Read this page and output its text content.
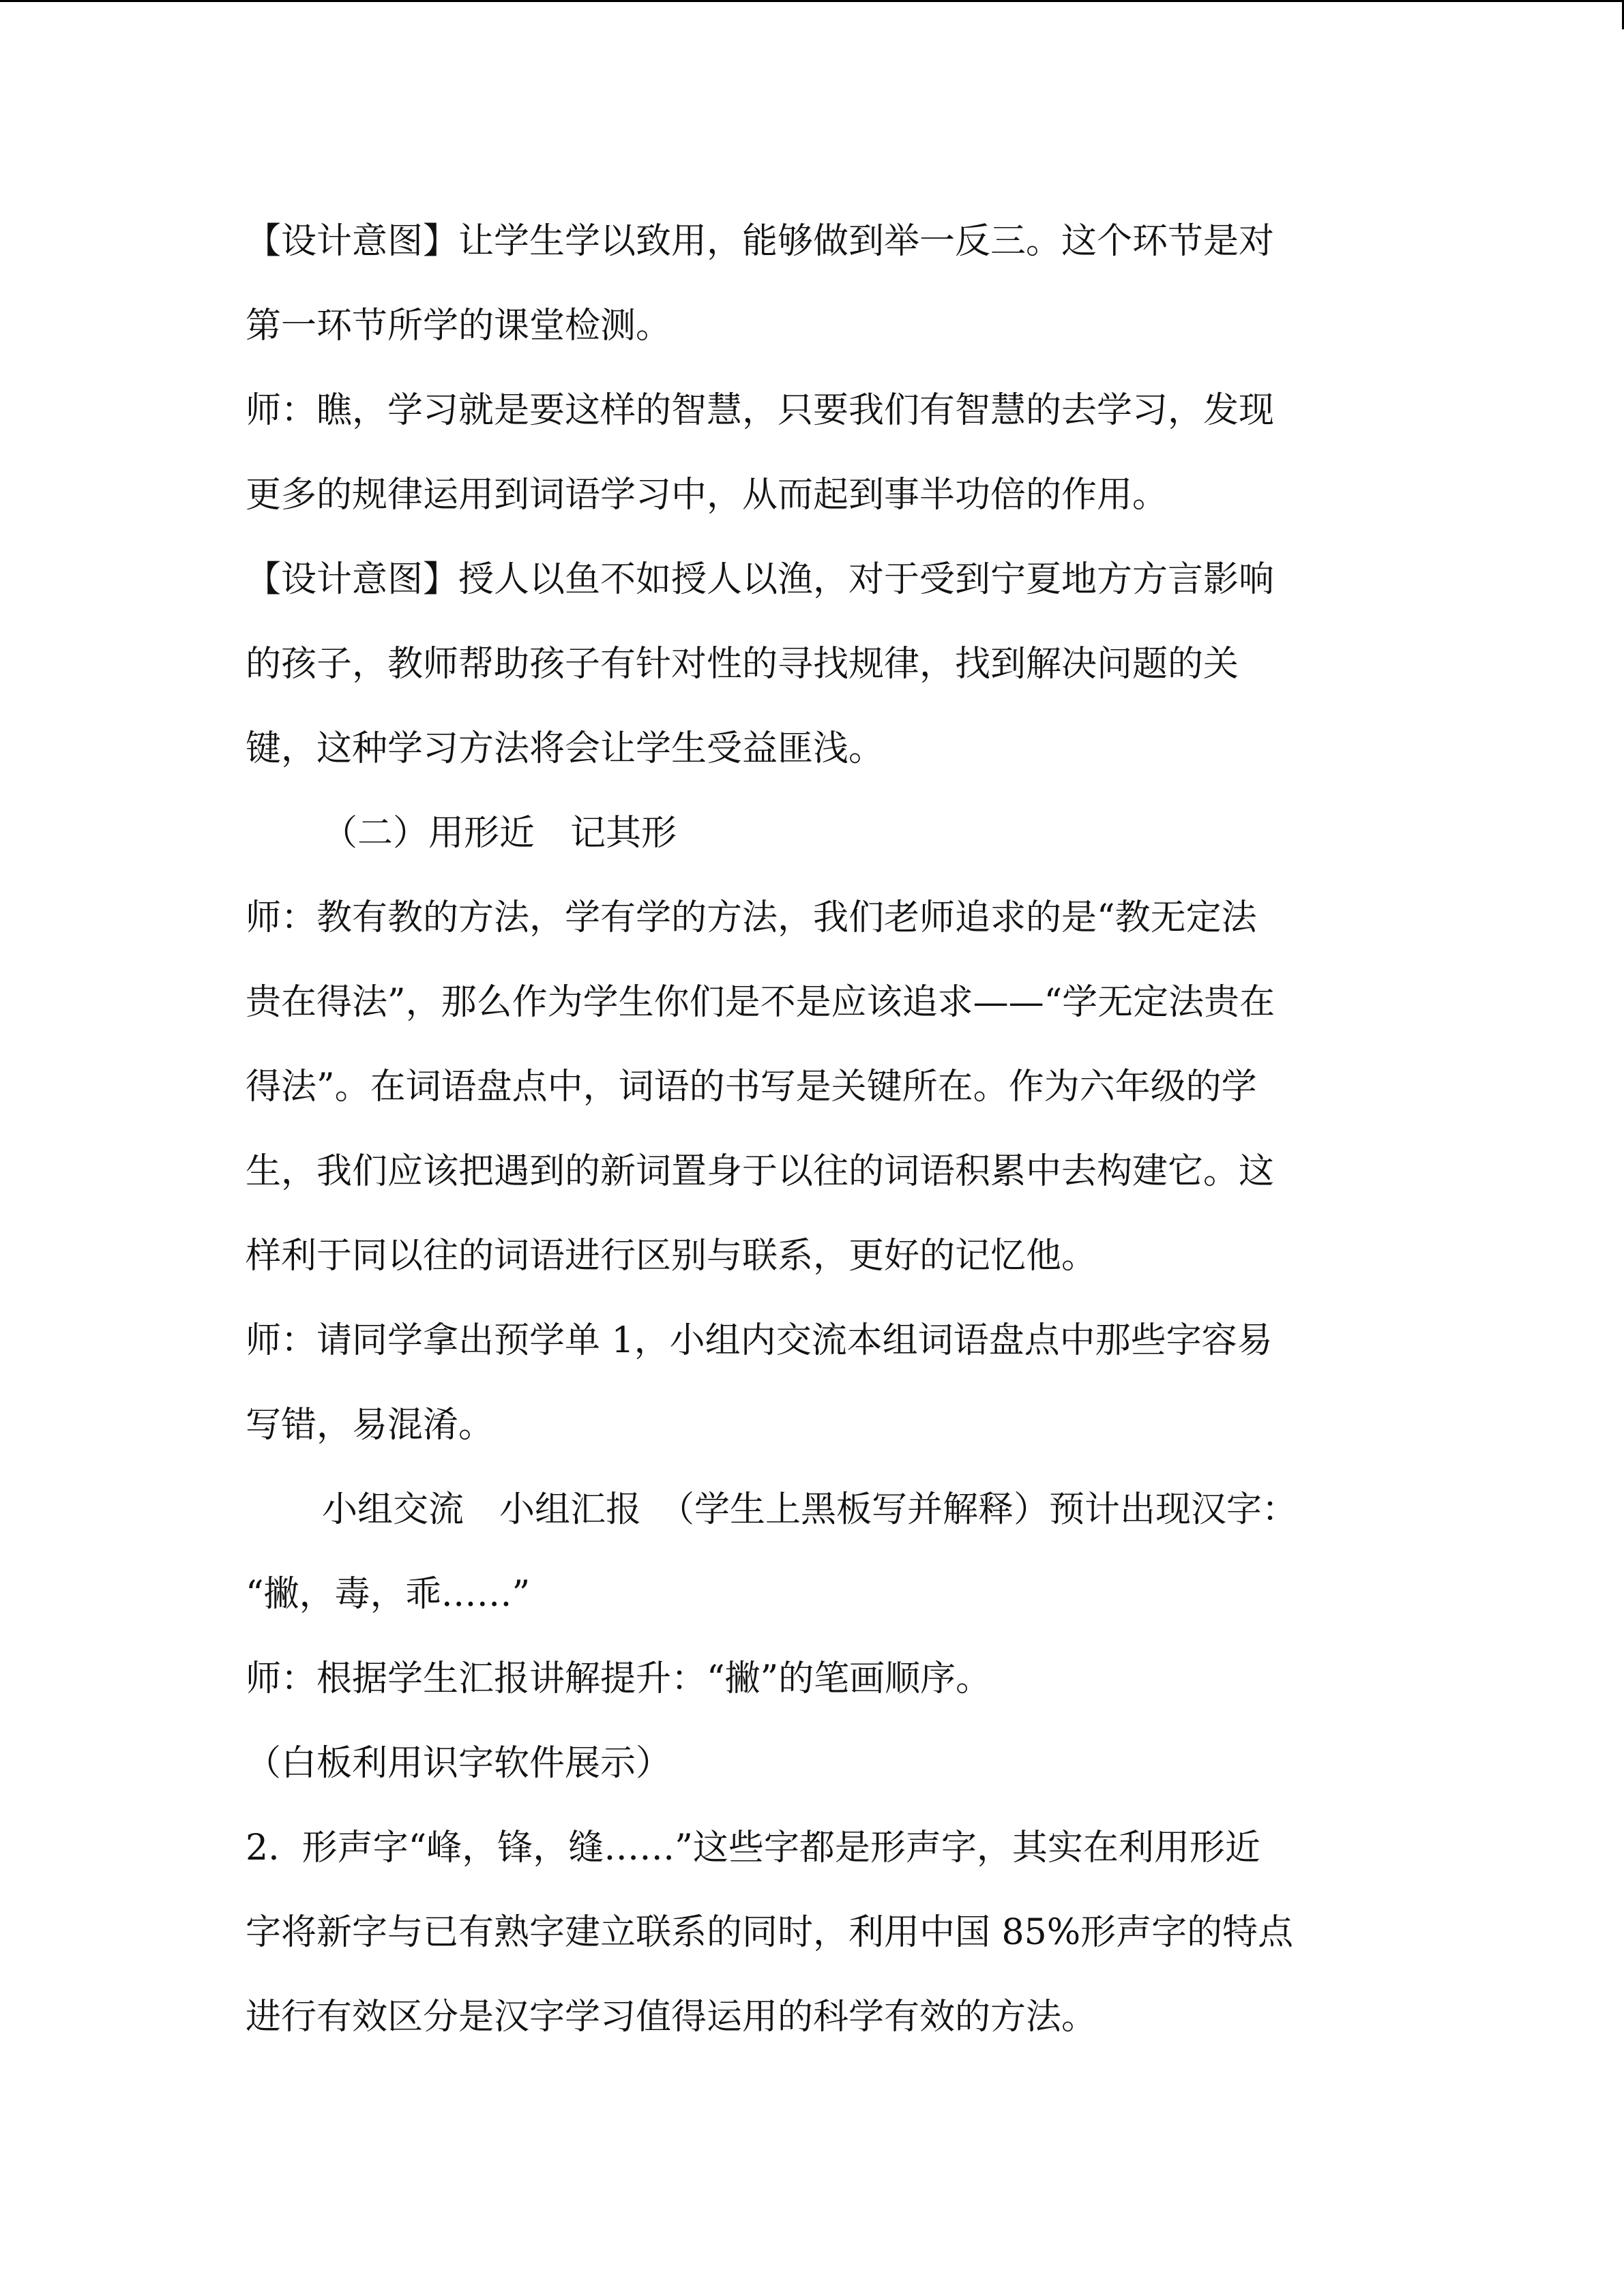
【设计意图】让学生学以致用，能够做到举一反三。这个环节是对
第一环节所学的课堂检测。
师：瞧，学习就是要这样的智慧，只要我们有智慧的去学习，发现
更多的规律运用到词语学习中，从而起到事半功倍的作用。
【设计意图】授人以鱼不如授人以渔，对于受到宁夏地方方言影响
的孩子，教师帮助孩子有针对性的寻找规律，找到解决问题的关
键，这种学习方法将会让学生受益匪浅。
（二）用形近　记其形
师：教有教的方法，学有学的方法，我们老师追求的是“教无定法
贵在得法”，那么作为学生你们是不是应该追求——“学无定法贵在
得法”。在词语盘点中，词语的书写是关键所在。作为六年级的学
生，我们应该把遇到的新词置身于以往的词语积累中去构建它。这
样利于同以往的词语进行区别与联系，更好的记忆他。
师：请同学拿出预学单 1，小组内交流本组词语盘点中那些字容易
写错，易混淆。
小组交流　小组汇报　（学生上黑板写并解释）预计出现汉字：
“撇，毒，乖……”
师：根据学生汇报讲解提升：“撇”的笔画顺序。
（白板利用识字软件展示）
2.  形声字“峰，锋，缝……”这些字都是形声字，其实在利用形近
字将新字与已有熟字建立联系的同时，利用中国 85%形声字的特点
进行有效区分是汉字学习值得运用的科学有效的方法。
